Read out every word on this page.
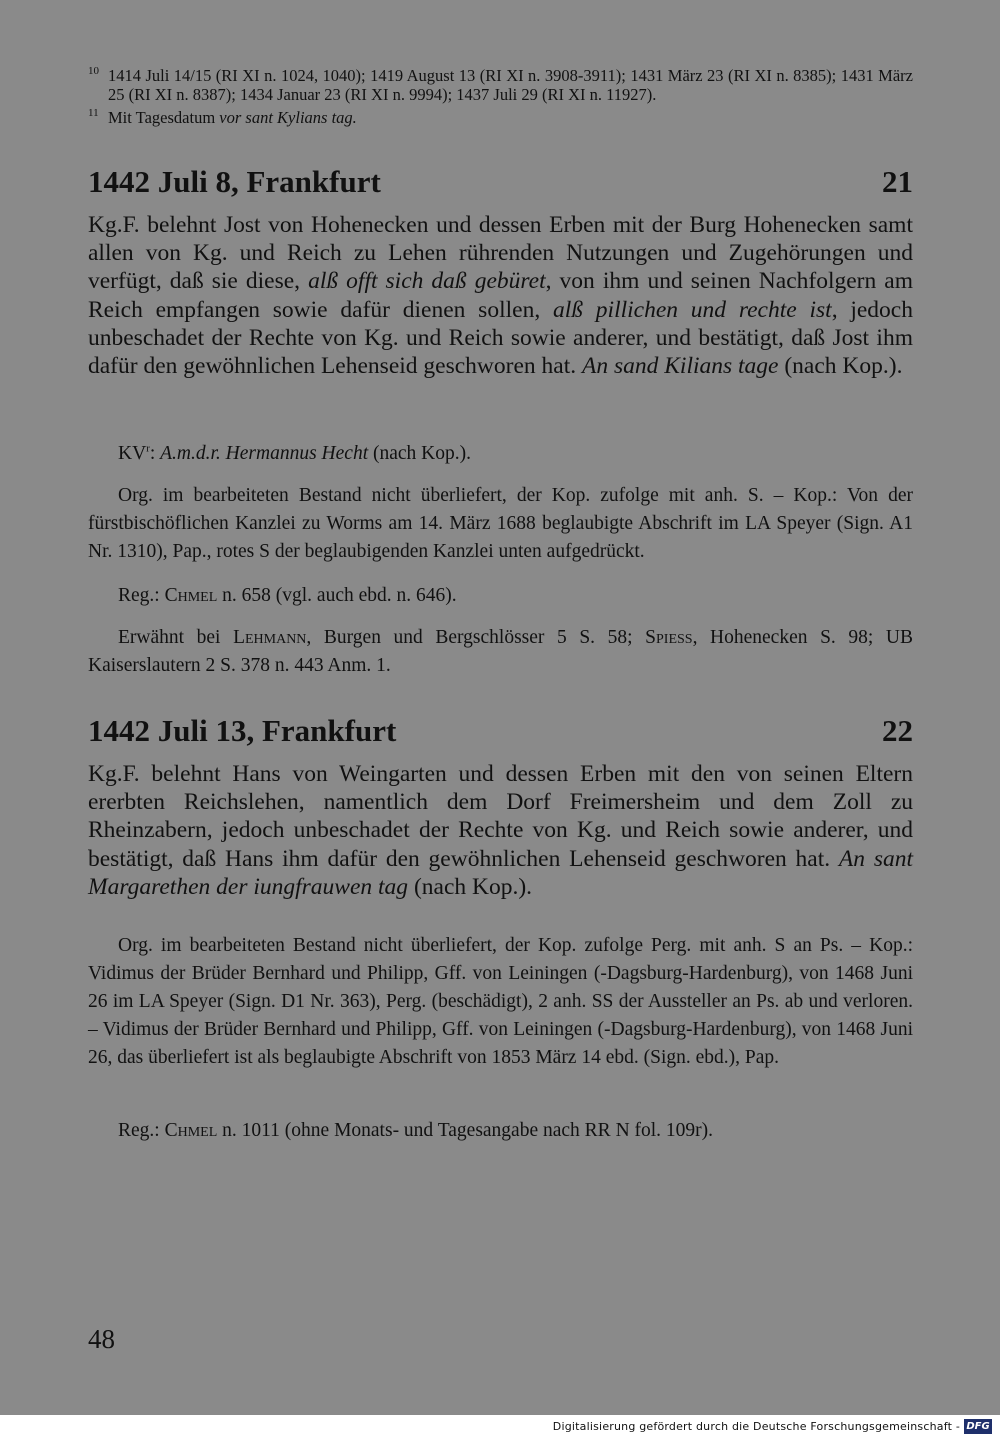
10 1414 Juli 14/15 (RI XI n. 1024, 1040); 1419 August 13 (RI XI n. 3908-3911); 1431 März 23 (RI XI n. 8385); 1431 März 25 (RI XI n. 8387); 1434 Januar 23 (RI XI n. 9994); 1437 Juli 29 (RI XI n. 11927).
11 Mit Tagesdatum vor sant Kylians tag.
1442 Juli 8, Frankfurt	21

Kg.F. belehnt Jost von Hohenecken und dessen Erben mit der Burg Hohenecken samt allen von Kg. und Reich zu Lehen rührenden Nutzungen und Zugehörungen und verfügt, daß sie diese, alß offt sich daß gebüret, von ihm und seinen Nachfolgern am Reich empfangen sowie dafür dienen sollen, alß pillichen und rechte ist, jedoch unbeschadet der Rechte von Kg. und Reich sowie anderer, und bestätigt, daß Jost ihm dafür den gewöhnlichen Lehenseid geschworen hat. An sand Kilians tage (nach Kop.).

$KV^r$: A.m.d.r. Hermannus Hecht (nach Kop.).

Org. im bearbeiteten Bestand nicht überliefert, der Kop. zufolge mit anh. S. – Kop.: Von der fürstbischöflichen Kanzlei zu Worms am 14. März 1688 beglaubigte Abschrift im LA Speyer (Sign. A1 Nr. 1310), Pap., rotes S der beglaubigenden Kanzlei unten aufgedrückt.

Reg.: Chmel n. 658 (vgl. auch ebd. n. 646).

Erwähnt bei Lehmann, Burgen und Bergschlösser 5 S. 58; Spieß, Hohenecken S. 98; UB Kaiserslautern 2 S. 378 n. 443 Anm. 1.

1442 Juli 13, Frankfurt	22

Kg.F. belehnt Hans von Weingarten und dessen Erben mit den von seinen Eltern ererbten Reichslehen, namentlich dem Dorf Freimersheim und dem Zoll zu Rheinzabern, jedoch unbeschadet der Rechte von Kg. und Reich sowie anderer, und bestätigt, daß Hans ihm dafür den gewöhnlichen Lehenseid geschworen hat. An sant Margarethen der iungfrauwen tag (nach Kop.).

Org. im bearbeiteten Bestand nicht überliefert, der Kop. zufolge Perg. mit anh. S an Ps. – Kop.: Vidimus der Brüder Bernhard und Philipp, Gff. von Leiningen (-Dagsburg-Hardenburg), von 1468 Juni 26 im LA Speyer (Sign. D1 Nr. 363), Perg. (beschädigt), 2 anh. SS der Aussteller an Ps. ab und verloren. – Vidimus der Brüder Bernhard und Philipp, Gff. von Leiningen (-Dagsburg-Hardenburg), von 1468 Juni 26, das überliefert ist als beglaubigte Abschrift von 1853 März 14 ebd. (Sign. ebd.), Pap.

Reg.: Chmel n. 1011 (ohne Monats- und Tagesangabe nach RR N fol. 109r).

48
Digitalisierung gefördert durch die Deutsche Forschungsgemeinschaft - DFG
